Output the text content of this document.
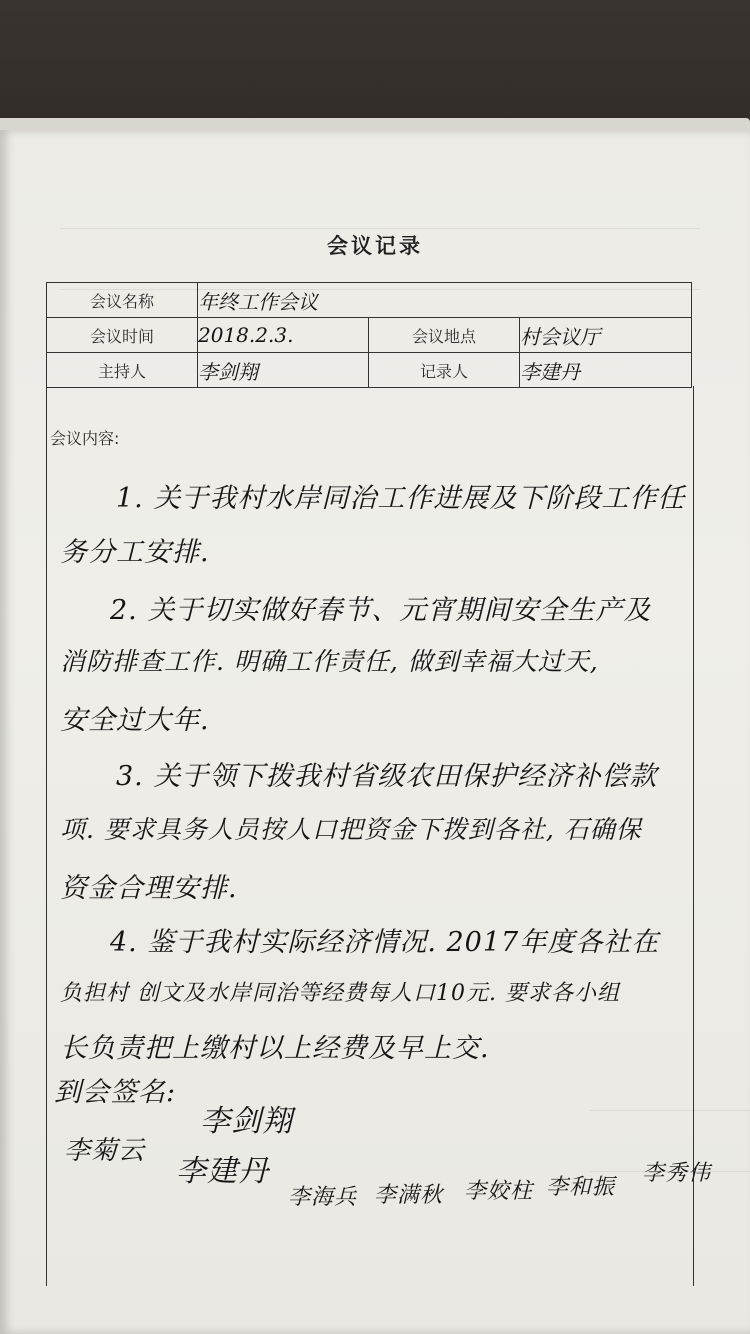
会议记录
会议名称	年终工作会议		
会议时间	2018.2.3.	会议地点	村会议厅
主持人	李剑翔	记录人	李建丹
会议内容:
1. 关于我村水岸同治工作进展及下阶段工作任
务分工安排.
2. 关于切实做好春节、元宵期间安全生产及
消防排查工作. 明确工作责任, 做到幸福大过天,
安全过大年.
3. 关于领下拨我村省级农田保护经济补偿款
项. 要求具务人员按人口把资金下拨到各社, 石确保
资金合理安排.
4. 鉴于我村实际经济情况. 2017年度各社在
负担村 创文及水岸同治等经费每人口10元. 要求各小组
长负责把上缴村以上经费及早上交.
到会签名:
李剑翔
李菊云
李建丹
李海兵 李满秋 李姣柱 李和振
李秀伟
